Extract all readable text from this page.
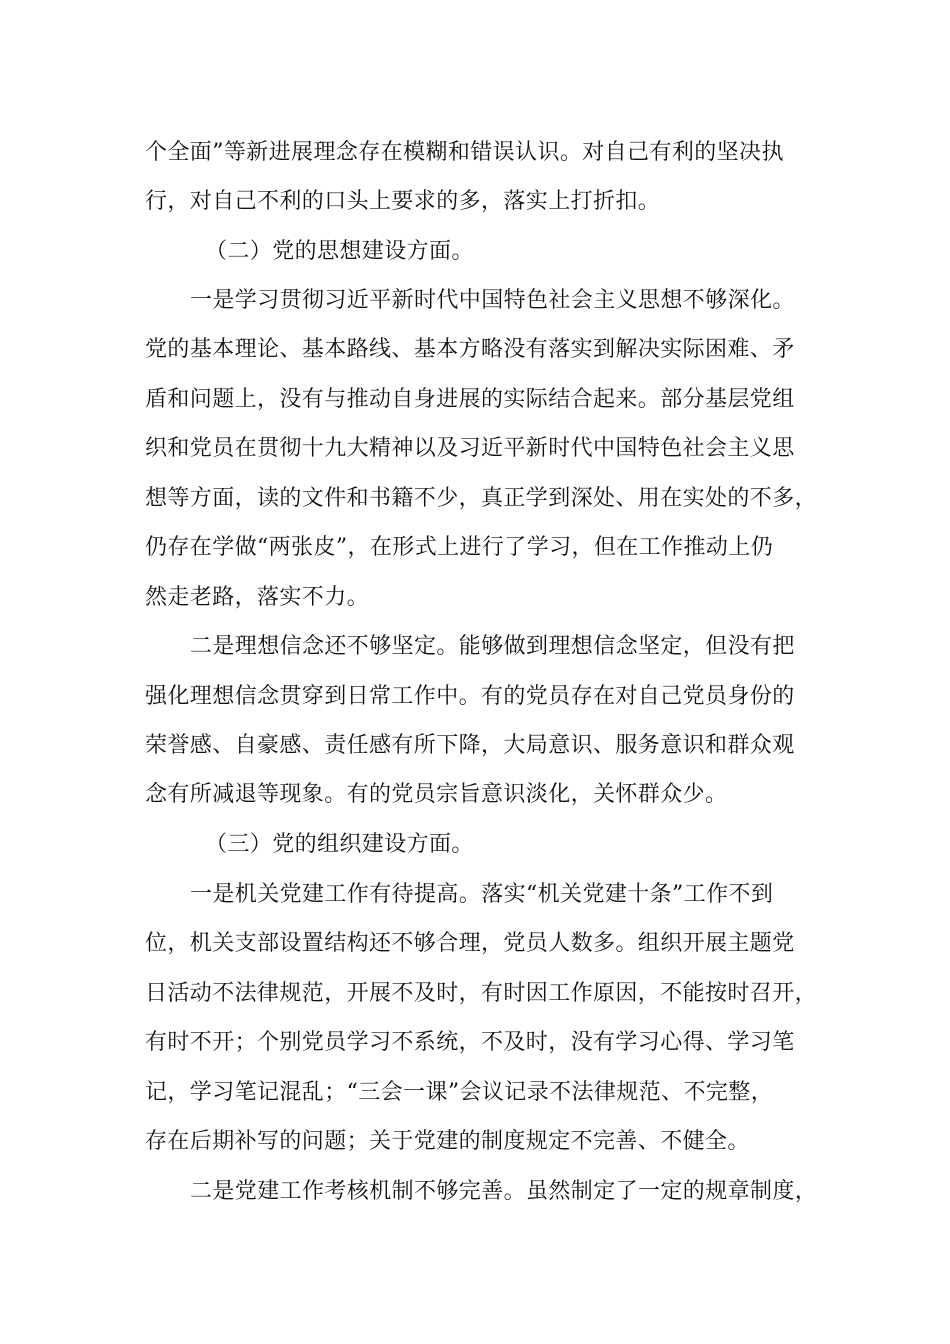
个全面”等新进展理念存在模糊和错误认识。对自己有利的坚决执
行，对自己不利的口头上要求的多，落实上打折扣。
（二）党的思想建设方面。
一是学习贯彻习近平新时代中国特色社会主义思想不够深化。
党的基本理论、基本路线、基本方略没有落实到解决实际困难、矛
盾和问题上，没有与推动自身进展的实际结合起来。部分基层党组
织和党员在贯彻十九大精神以及习近平新时代中国特色社会主义思
想等方面，读的文件和书籍不少，真正学到深处、用在实处的不多，
仍存在学做“两张皮”，在形式上进行了学习，但在工作推动上仍
然走老路，落实不力。
二是理想信念还不够坚定。能够做到理想信念坚定，但没有把
强化理想信念贯穿到日常工作中。有的党员存在对自己党员身份的
荣誉感、自豪感、责任感有所下降，大局意识、服务意识和群众观
念有所减退等现象。有的党员宗旨意识淡化，关怀群众少。
（三）党的组织建设方面。
一是机关党建工作有待提高。落实“机关党建十条”工作不到
位，机关支部设置结构还不够合理，党员人数多。组织开展主题党
日活动不法律规范，开展不及时，有时因工作原因，不能按时召开，
有时不开；个别党员学习不系统，不及时，没有学习心得、学习笔
记，学习笔记混乱；“三会一课”会议记录不法律规范、不完整，
存在后期补写的问题；关于党建的制度规定不完善、不健全。
二是党建工作考核机制不够完善。虽然制定了一定的规章制度，
